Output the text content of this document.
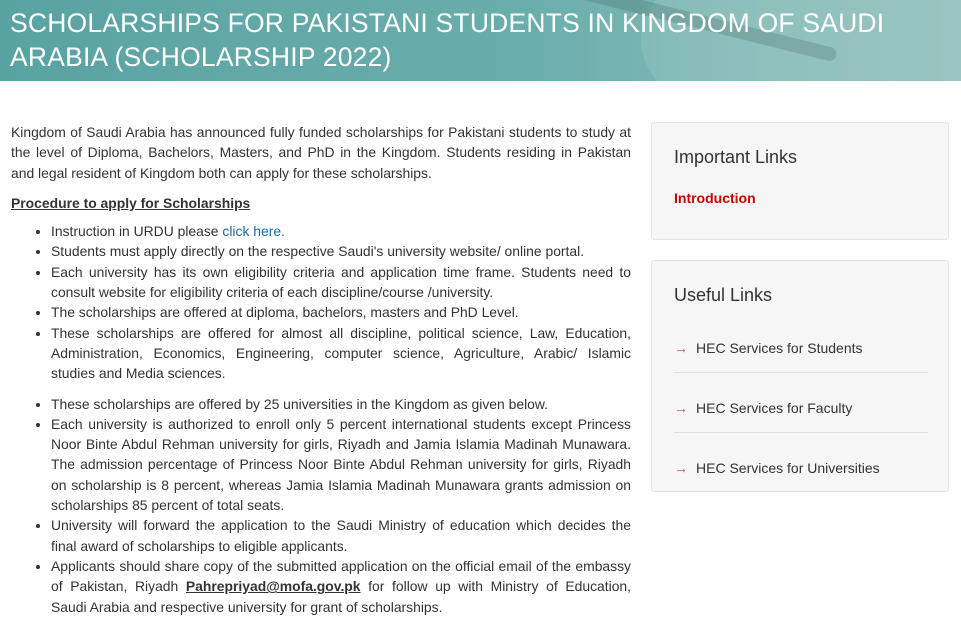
SCHOLARSHIPS FOR PAKISTANI STUDENTS IN KINGDOM OF SAUDI ARABIA (SCHOLARSHIP 2022)

Kingdom of Saudi Arabia has announced fully funded scholarships for Pakistani students to study at the level of Diploma, Bachelors, Masters, and PhD in the Kingdom. Students residing in Pakistan and legal resident of Kingdom both can apply for these scholarships.

Procedure to apply for Scholarships
• Instruction in URDU please click here.
• Students must apply directly on the respective Saudi's university website/ online portal.
• Each university has its own eligibility criteria and application time frame. Students need to consult website for eligibility criteria of each discipline/course /university.
• The scholarships are offered at diploma, bachelors, masters and PhD Level.
• These scholarships are offered for almost all discipline, political science, Law, Education, Administration, Economics, Engineering, computer science, Agriculture, Arabic/ Islamic studies and Media sciences.
• These scholarships are offered by 25 universities in the Kingdom as given below.
• Each university is authorized to enroll only 5 percent international students except Princess Noor Binte Abdul Rehman university for girls, Riyadh and Jamia Islamia Madinah Munawara. The admission percentage of Princess Noor Binte Abdul Rehman university for girls, Riyadh on scholarship is 8 percent, whereas Jamia Islamia Madinah Munawara grants admission on scholarships 85 percent of total seats.
• University will forward the application to the Saudi Ministry of education which decides the final award of scholarships to eligible applicants.
• Applicants should share copy of the submitted application on the official email of the embassy of Pakistan, Riyadh Pahrepriyad@mofa.gov.pk for follow up with Ministry of Education, Saudi Arabia and respective university for grant of scholarships.
Important Links
Introduction
Useful Links
→ HEC Services for Students
→ HEC Services for Faculty
→ HEC Services for Universities
